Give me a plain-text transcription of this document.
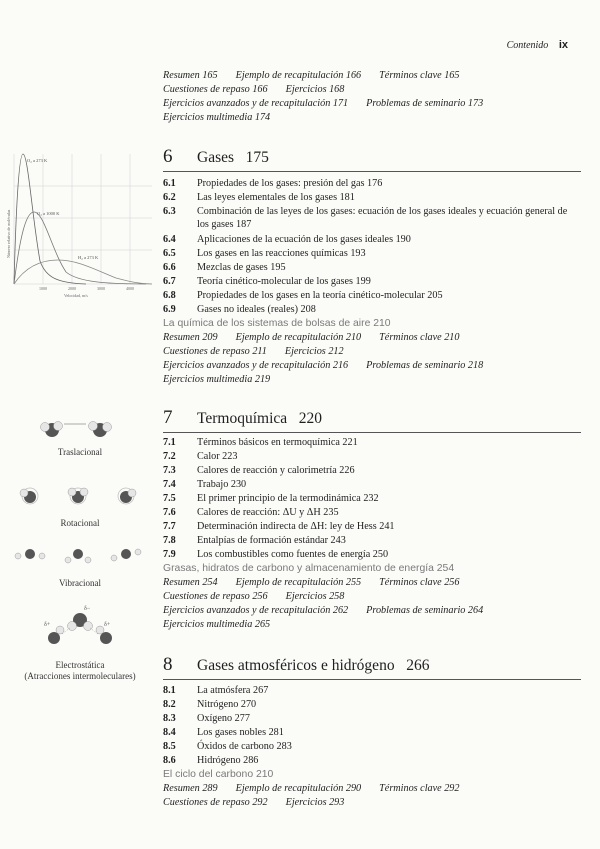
Contenido ix
Resumen 165 Ejemplo de recapitulación 166 Términos clave 165
Cuestiones de repaso 166 Ejercicios 168
Ejercicios avanzados y de recapitulación 171 Problemas de seminario 173
Ejercicios multimedia 174
6 Gases 175
6.1 Propiedades de los gases: presión del gas 176
6.2 Las leyes elementales de los gases 181
6.3 Combinación de las leyes de los gases: ecuación de los gases ideales y ecuación general de los gases 187
6.4 Aplicaciones de la ecuación de los gases ideales 190
6.5 Los gases en las reacciones químicas 193
6.6 Mezclas de gases 195
6.7 Teoría cinético-molecular de los gases 199
6.8 Propiedades de los gases en la teoría cinético-molecular 205
6.9 Gases no ideales (reales) 208
La química de los sistemas de bolsas de aire 210
Resumen 209 Ejemplo de recapitulación 210 Términos clave 210
Cuestiones de repaso 211 Ejercicios 212
Ejercicios avanzados y de recapitulación 216 Problemas de seminario 218
Ejercicios multimedia 219
7 Termoquímica 220
7.1 Términos básicos en termoquímica 221
7.2 Calor 223
7.3 Calores de reacción y calorimetría 226
7.4 Trabajo 230
7.5 El primer principio de la termodinámica 232
7.6 Calores de reacción: ΔU y ΔH 235
7.7 Determinación indirecta de ΔH: ley de Hess 241
7.8 Entalpías de formación estándar 243
7.9 Los combustibles como fuentes de energía 250
Grasas, hidratos de carbono y almacenamiento de energía 254
Resumen 254 Ejemplo de recapitulación 255 Términos clave 256
Cuestiones de repaso 256 Ejercicios 258
Ejercicios avanzados y de recapitulación 262 Problemas de seminario 264
Ejercicios multimedia 265
8 Gases atmosféricos e hidrógeno 266
8.1 La atmósfera 267
8.2 Nitrógeno 270
8.3 Oxígeno 277
8.4 Los gases nobles 281
8.5 Óxidos de carbono 283
8.6 Hidrógeno 286
El ciclo del carbono 210
Resumen 289 Ejemplo de recapitulación 290 Términos clave 292
Cuestiones de repaso 292 Ejercicios 293
O₂ a 273 K
O₂ a 1000 K
H₂ a 273 K
Número relativo de moléculas
1000	2000	3000	4000
Velocidad, m/s
Traslacional
Rotacional
Vibracional
δ−
δ+	δ+
Electrostática
(Atracciones intermoleculares)
